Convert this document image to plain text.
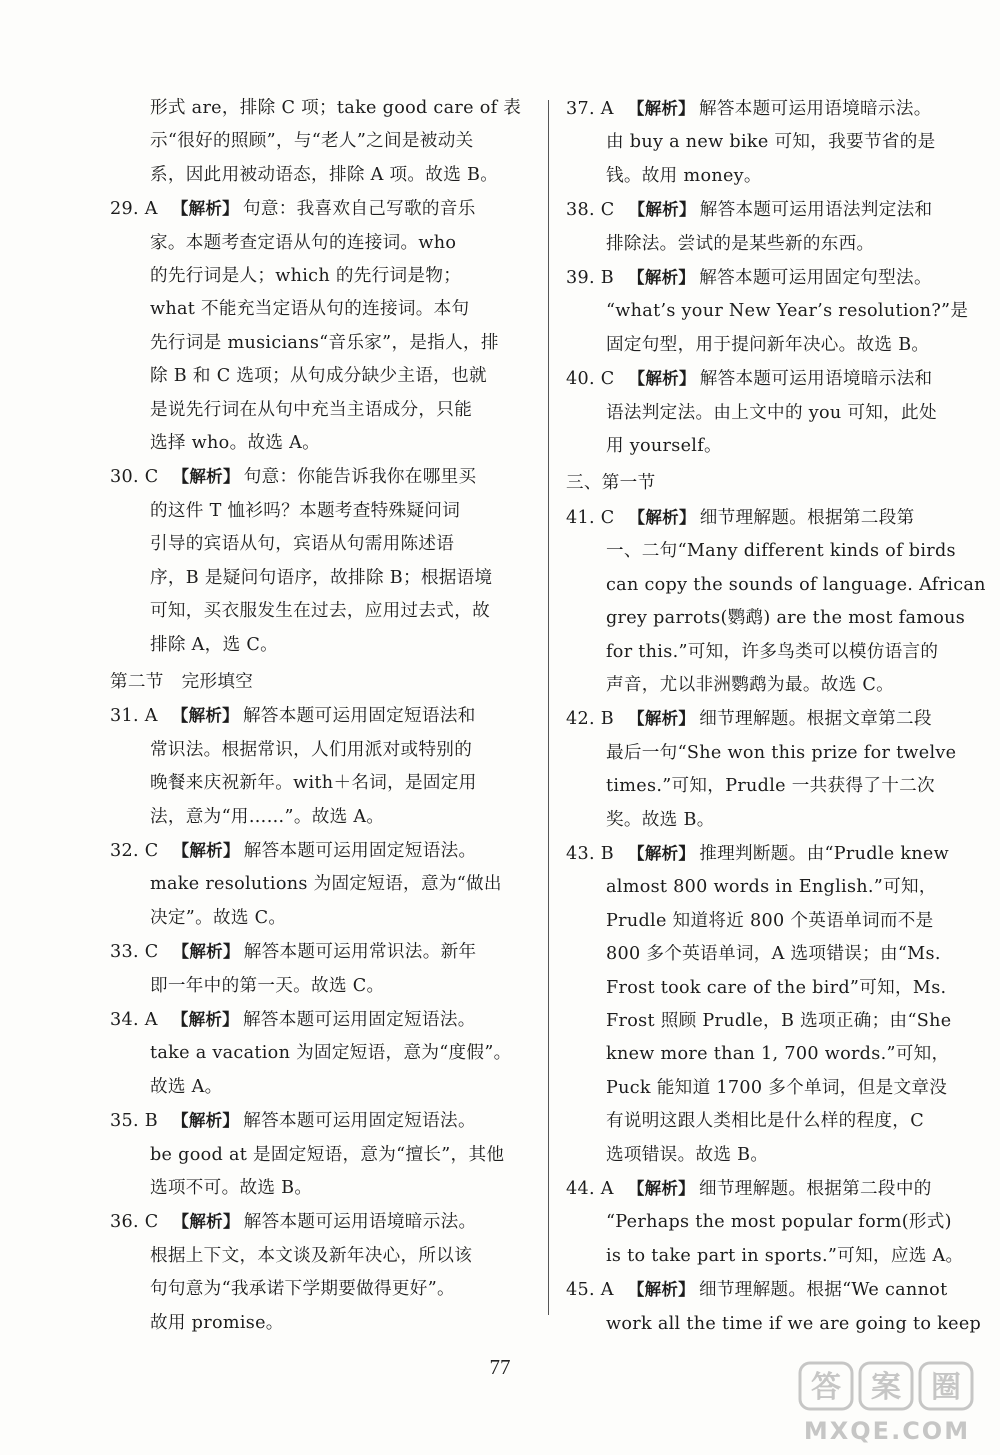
形式 are，排除 C 项；take good care of 表
示“很好的照顾”，与“老人”之间是被动关
系，因此用被动语态，排除 A 项。故选 B。
29. A 【解析】 句意：我喜欢自己写歌的音乐
家。本题考查定语从句的连接词。who
的先行词是人；which 的先行词是物；
what 不能充当定语从句的连接词。本句
先行词是 musicians“音乐家”，是指人，排
除 B 和 C 选项；从句成分缺少主语，也就
是说先行词在从句中充当主语成分，只能
选择 who。故选 A。
30. C 【解析】 句意：你能告诉我你在哪里买
的这件 T 恤衫吗？本题考查特殊疑问词
引导的宾语从句，宾语从句需用陈述语
序，B 是疑问句语序，故排除 B；根据语境
可知，买衣服发生在过去，应用过去式，故
排除 A，选 C。
第二节　完形填空
31. A 【解析】 解答本题可运用固定短语法和
常识法。根据常识，人们用派对或特别的
晚餐来庆祝新年。with＋名词，是固定用
法，意为“用……”。故选 A。
32. C 【解析】 解答本题可运用固定短语法。
make resolutions 为固定短语，意为“做出
决定”。故选 C。
33. C 【解析】 解答本题可运用常识法。新年
即一年中的第一天。故选 C。
34. A 【解析】 解答本题可运用固定短语法。
take a vacation 为固定短语，意为“度假”。
故选 A。
35. B 【解析】 解答本题可运用固定短语法。
be good at 是固定短语，意为“擅长”，其他
选项不可。故选 B。
36. C 【解析】 解答本题可运用语境暗示法。
根据上下文，本文谈及新年决心，所以该
句句意为“我承诺下学期要做得更好”。
故用 promise。
37. A 【解析】 解答本题可运用语境暗示法。
由 buy a new bike 可知，我要节省的是
钱。故用 money。
38. C 【解析】 解答本题可运用语法判定法和
排除法。尝试的是某些新的东西。
39. B 【解析】 解答本题可运用固定句型法。
“what’s your New Year’s resolution?”是
固定句型，用于提问新年决心。故选 B。
40. C 【解析】 解答本题可运用语境暗示法和
语法判定法。由上文中的 you 可知，此处
用 yourself。
三、第一节
41. C 【解析】 细节理解题。根据第二段第
一、二句“Many different kinds of birds
can copy the sounds of language. African
grey parrots(鹦鹉) are the most famous
for this.”可知，许多鸟类可以模仿语言的
声音，尤以非洲鹦鹉为最。故选 C。
42. B 【解析】 细节理解题。根据文章第二段
最后一句“She won this prize for twelve
times.”可知，Prudle 一共获得了十二次
奖。故选 B。
43. B 【解析】 推理判断题。由“Prudle knew
almost 800 words in English.”可知，
Prudle 知道将近 800 个英语单词而不是
800 多个英语单词，A 选项错误；由“Ms.
Frost took care of the bird”可知，Ms.
Frost 照顾 Prudle，B 选项正确；由“She
knew more than 1, 700 words.”可知，
Puck 能知道 1700 多个单词，但是文章没
有说明这跟人类相比是什么样的程度，C
选项错误。故选 B。
44. A 【解析】 细节理解题。根据第二段中的
“Perhaps the most popular form(形式)
is to take part in sports.”可知，应选 A。
45. A 【解析】 细节理解题。根据“We cannot
work all the time if we are going to keep
77
答 案 圈
MXQE.COM
